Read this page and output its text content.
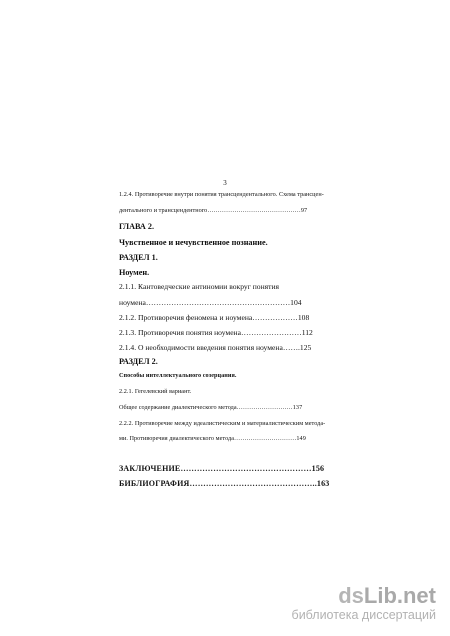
3
1.2.4. Противоречие внутри понятия трансцендентального. Схема трансцен-
дентального и трансцендентного………………………………………97
ГЛАВА 2.
Чувственное и нечувственное познание.
РАЗДЕЛ 1.
Ноумен.
2.1.1. Кантоведческие антиномии вокруг понятия
ноумена…………………………………………………104
2.1.2. Противоречия феномена и ноумена………………108
2.1.3. Противоречия понятия ноумена……………………112
2.1.4. О необходимости введения понятия ноумена…….125
РАЗДЕЛ 2.
Способы интеллектуального созерцания.
2.2.1. Гегелевский вариант.
Общее содержание диалектического метода………………………137
2.2.2. Противоречие между идеалистическим и материалистическим метода-
ми. Противоречия диалектического метода…………………………149
ЗАКЛЮЧЕНИЕ…………………………………………156
БИБЛИОГРАФИЯ………………………………………..163
dsLib.net
библиотека диссертаций
